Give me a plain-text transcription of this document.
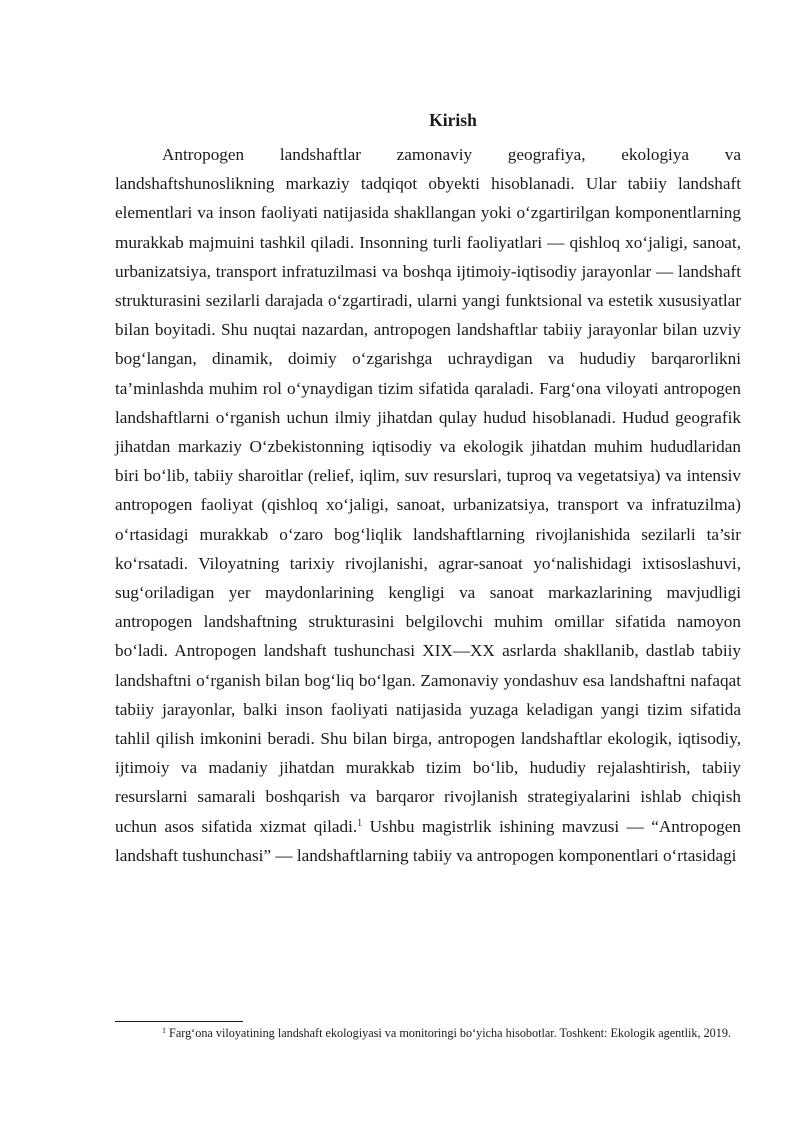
Kirish

Antropogen landshaftlar zamonaviy geografiya, ekologiya va landshaftshunoslikning markaziy tadqiqot obyekti hisoblanadi. Ular tabiiy landshaft elementlari va inson faoliyati natijasida shakllangan yoki o‘zgartirilgan komponentlarning murakkab majmuini tashkil qiladi. Insonning turli faoliyatlari — qishloq xo‘jaligi, sanoat, urbanizatsiya, transport infratuzilmasi va boshqa ijtimoiy-iqtisodiy jarayonlar — landshaft strukturasini sezilarli darajada o‘zgartiradi, ularni yangi funktsional va estetik xususiyatlar bilan boyitadi. Shu nuqtai nazardan, antropogen landshaftlar tabiiy jarayonlar bilan uzviy bog‘langan, dinamik, doimiy o‘zgarishga uchraydigan va hududiy barqarorlikni ta’minlashda muhim rol o‘ynaydigan tizim sifatida qaraladi. Farg‘ona viloyati antropogen landshaftlarni o‘rganish uchun ilmiy jihatdan qulay hudud hisoblanadi. Hudud geografik jihatdan markaziy O‘zbekistonning iqtisodiy va ekologik jihatdan muhim hududlaridan biri bo‘lib, tabiiy sharoitlar (relief, iqlim, suv resurslari, tuproq va vegetatsiya) va intensiv antropogen faoliyat (qishloq xo‘jaligi, sanoat, urbanizatsiya, transport va infratuzilma) o‘rtasidagi murakkab o‘zaro bog‘liqlik landshaftlarning rivojlanishida sezilarli ta’sir ko‘rsatadi. Viloyatning tarixiy rivojlanishi, agrar-sanoat yo‘nalishidagi ixtisoslashuvi, sug‘oriladigan yer maydonlarining kengligi va sanoat markazlarining mavjudligi antropogen landshaftning strukturasini belgilovchi muhim omillar sifatida namoyon bo‘ladi. Antropogen landshaft tushunchasi XIX—XX asrlarda shakllanib, dastlab tabiiy landshaftni o‘rganish bilan bog‘liq bo‘lgan. Zamonaviy yondashuv esa landshaftni nafaqat tabiiy jarayonlar, balki inson faoliyati natijasida yuzaga keladigan yangi tizim sifatida tahlil qilish imkonini beradi. Shu bilan birga, antropogen landshaftlar ekologik, iqtisodiy, ijtimoiy va madaniy jihatdan murakkab tizim bo‘lib, hududiy rejalashtirish, tabiiy resurslarni samarali boshqarish va barqaror rivojlanish strategiyalarini ishlab chiqish uchun asos sifatida xizmat qiladi.$^1$ Ushbu magistrlik ishining mavzusi — “Antropogen landshaft tushunchasi” — landshaftlarning tabiiy va antropogen komponentlari o‘rtasidagi

$^1$ Farg‘ona viloyatining landshaft ekologiyasi va monitoringi bo‘yicha hisobotlar. Toshkent: Ekologik agentlik, 2019.
